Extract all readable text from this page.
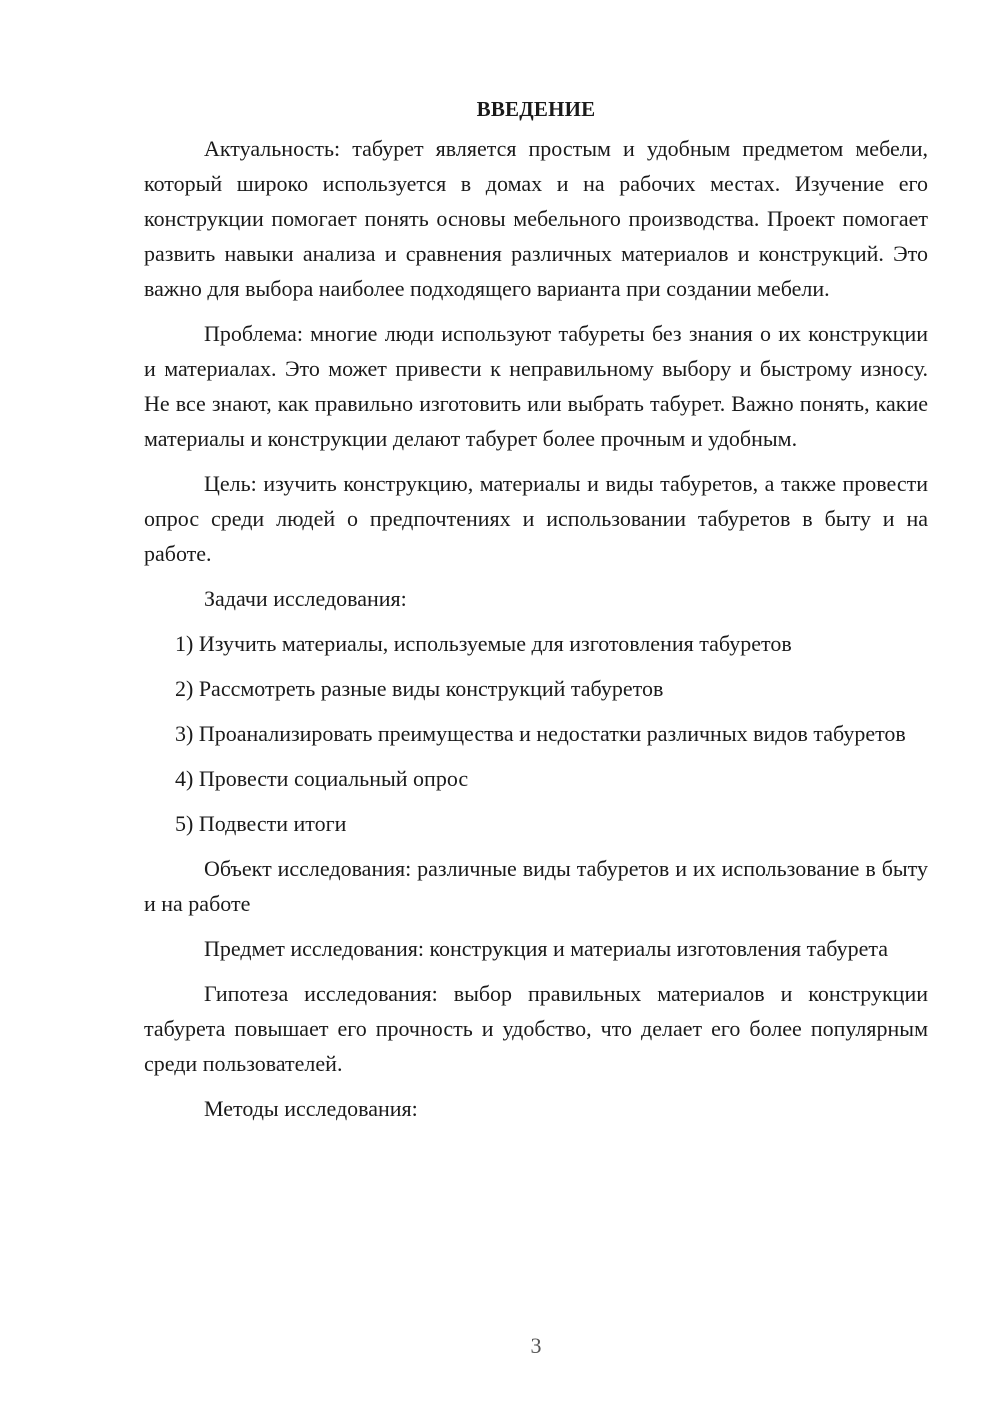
ВВЕДЕНИЕ

Актуальность: табурет является простым и удобным предметом мебели, который широко используется в домах и на рабочих местах. Изучение его конструкции помогает понять основы мебельного производства. Проект помогает развить навыки анализа и сравнения различных материалов и конструкций. Это важно для выбора наиболее подходящего варианта при создании мебели.

Проблема: многие люди используют табуреты без знания о их конструкции и материалах. Это может привести к неправильному выбору и быстрому износу. Не все знают, как правильно изготовить или выбрать табурет. Важно понять, какие материалы и конструкции делают табурет более прочным и удобным.

Цель: изучить конструкцию, материалы и виды табуретов, а также провести опрос среди людей о предпочтениях и использовании табуретов в быту и на работе.

Задачи исследования:

1) Изучить материалы, используемые для изготовления табуретов

2) Рассмотреть разные виды конструкций табуретов

3) Проанализировать преимущества и недостатки различных видов табуретов

4) Провести социальный опрос

5) Подвести итоги

Объект исследования: различные виды табуретов и их использование в быту и на работе

Предмет исследования: конструкция и материалы изготовления табурета

Гипотеза исследования: выбор правильных материалов и конструкции табурета повышает его прочность и удобство, что делает его более популярным среди пользователей.

Методы исследования:

3
